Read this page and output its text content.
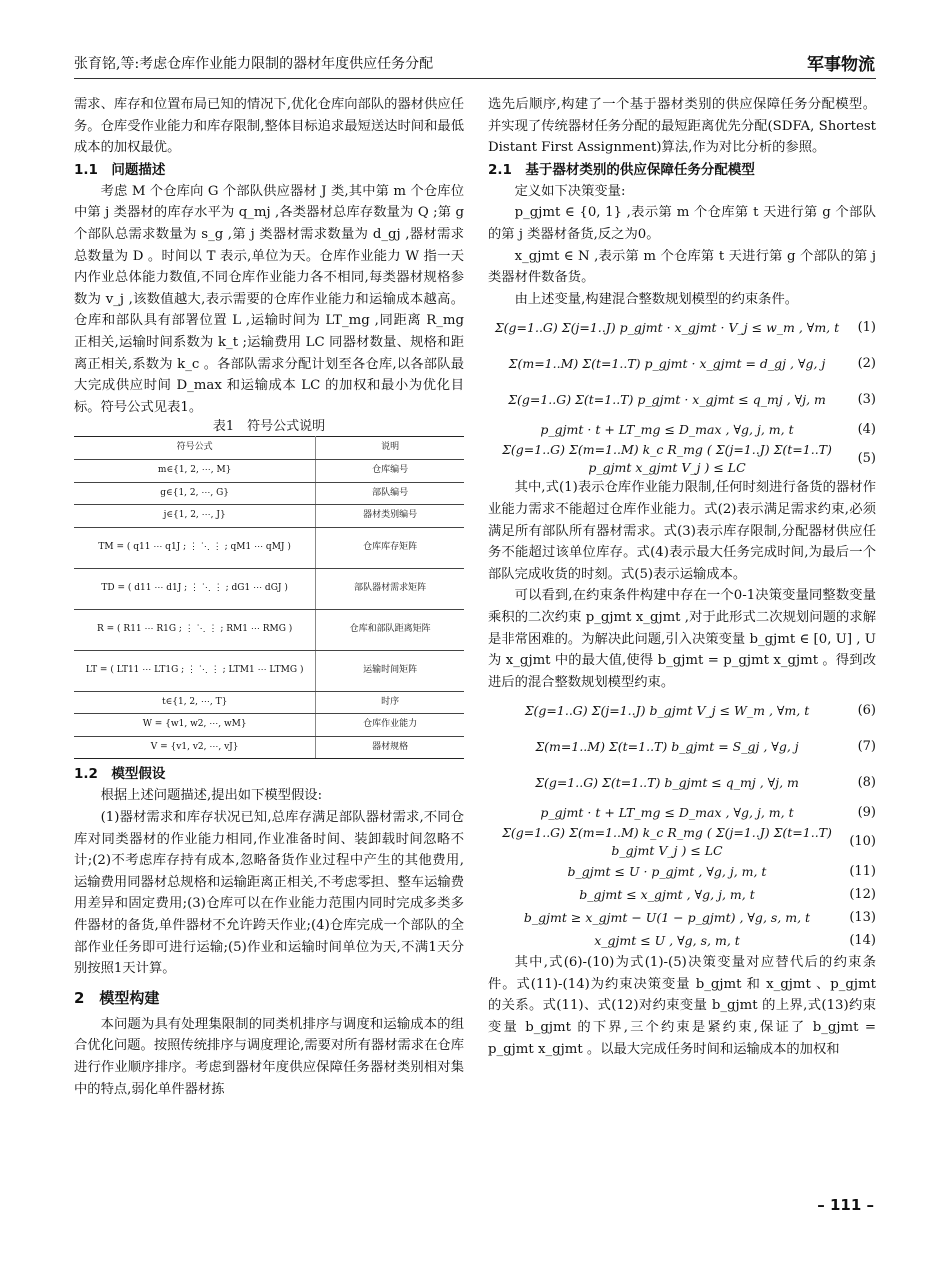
张育铭,等:考虑仓库作业能力限制的器材年度供应任务分配	军事物流

需求、库存和位置布局已知的情况下,优化仓库向部队的器材供应任务。仓库受作业能力和库存限制,整体目标追求最短送达时间和最低成本的加权最优。

1.1　问题描述

考虑 M 个仓库向 G 个部队供应器材 J 类,其中第 m 个仓库位中第 j 类器材的库存水平为 q_mj ,各类器材总库存数量为 Q ;第 g 个部队总需求数量为 s_g ,第 j 类器材需求数量为 d_gj ,器材需求总数量为 D 。时间以 T 表示,单位为天。仓库作业能力 W 指一天内作业总体能力数值,不同仓库作业能力各不相同,每类器材规格参数为 v_j ,该数值越大,表示需要的仓库作业能力和运输成本越高。仓库和部队具有部署位置 L ,运输时间为 LT_mg ,同距离 R_mg 正相关,运输时间系数为 k_t ;运输费用 LC 同器材数量、规格和距离正相关,系数为 k_c 。各部队需求分配计划至各仓库,以各部队最大完成供应时间 D_max 和运输成本 LC 的加权和最小为优化目标。符号公式见表1。

表1　符号公式说明
符号公式	说明
m∈{1, 2, ⋯, M}	仓库编号
g∈{1, 2, ⋯, G}	部队编号
j∈{1, 2, ⋯, J}	器材类别编号
TM = ( q11 ⋯ q1J ; ⋮ ⋱ ⋮ ; qM1 ⋯ qMJ )	仓库库存矩阵
TD = ( d11 ⋯ d1J ; ⋮ ⋱ ⋮ ; dG1 ⋯ dGJ )	部队器材需求矩阵
R = ( R11 ⋯ R1G ; ⋮ ⋱ ⋮ ; RM1 ⋯ RMG )	仓库和部队距离矩阵
LT = ( LT11 ⋯ LT1G ; ⋮ ⋱ ⋮ ; LTM1 ⋯ LTMG )	运输时间矩阵
t∈{1, 2, ⋯, T}	时序
W = {w1, w2, ⋯, wM}	仓库作业能力
V = {v1, v2, ⋯, vJ}	器材规格
1.2　模型假设

根据上述问题描述,提出如下模型假设:

(1)器材需求和库存状况已知,总库存满足部队器材需求,不同仓库对同类器材的作业能力相同,作业准备时间、装卸载时间忽略不计;(2)不考虑库存持有成本,忽略备货作业过程中产生的其他费用,运输费用同器材总规格和运输距离正相关,不考虑零担、整车运输费用差异和固定费用;(3)仓库可以在作业能力范围内同时完成多类多件器材的备货,单件器材不允许跨天作业;(4)仓库完成一个部队的全部作业任务即可进行运输;(5)作业和运输时间单位为天,不满1天分别按照1天计算。

2　模型构建

本问题为具有处理集限制的同类机排序与调度和运输成本的组合优化问题。按照传统排序与调度理论,需要对所有器材需求在仓库进行作业顺序排序。考虑到器材年度供应保障任务器材类别相对集中的特点,弱化单件器材拣

选先后顺序,构建了一个基于器材类别的供应保障任务分配模型。并实现了传统器材任务分配的最短距离优先分配(SDFA, Shortest Distant First Assignment)算法,作为对比分析的参照。

2.1　基于器材类别的供应保障任务分配模型

定义如下决策变量:

p_gjmt ∈ {0, 1} ,表示第 m 个仓库第 t 天进行第 g 个部队的第 j 类器材备货,反之为0。

x_gjmt ∈ N ,表示第 m 个仓库第 t 天进行第 g 个部队的第 j 类器材件数备货。

由上述变量,构建混合整数规划模型的约束条件。

Σ(g=1..G) Σ(j=1..J) p_gjmt · x_gjmt · V_j ≤ w_m , ∀m, t	(1)
Σ(m=1..M) Σ(t=1..T) p_gjmt · x_gjmt = d_gj , ∀g, j	(2)
Σ(g=1..G) Σ(t=1..T) p_gjmt · x_gjmt ≤ q_mj , ∀j, m	(3)
p_gjmt · t + LT_mg ≤ D_max , ∀g, j, m, t	(4)
Σ(g=1..G) Σ(m=1..M) k_c R_mg ( Σ(j=1..J) Σ(t=1..T) p_gjmt x_gjmt V_j ) ≤ LC
(5)

其中,式(1)表示仓库作业能力限制,任何时刻进行备货的器材作业能力需求不能超过仓库作业能力。式(2)表示满足需求约束,必须满足所有部队所有器材需求。式(3)表示库存限制,分配器材供应任务不能超过该单位库存。式(4)表示最大任务完成时间,为最后一个部队完成收货的时刻。式(5)表示运输成本。

可以看到,在约束条件构建中存在一个0-1决策变量同整数变量乘积的二次约束 p_gjmt x_gjmt ,对于此形式二次规划问题的求解是非常困难的。为解决此问题,引入决策变量 b_gjmt ∈ [0, U] , U 为 x_gjmt 中的最大值,使得 b_gjmt = p_gjmt x_gjmt 。得到改进后的混合整数规划模型约束。

Σ(g=1..G) Σ(j=1..J) b_gjmt V_j ≤ W_m , ∀m, t	(6)
Σ(m=1..M) Σ(t=1..T) b_gjmt = S_gj , ∀g, j	(7)
Σ(g=1..G) Σ(t=1..T) b_gjmt ≤ q_mj , ∀j, m	(8)
p_gjmt · t + LT_mg ≤ D_max , ∀g, j, m, t	(9)
Σ(g=1..G) Σ(m=1..M) k_c R_mg ( Σ(j=1..J) Σ(t=1..T) b_gjmt V_j ) ≤ LC
(10)
b_gjmt ≤ U · p_gjmt , ∀g, j, m, t	(11)
b_gjmt ≤ x_gjmt , ∀g, j, m, t	(12)
b_gjmt ≥ x_gjmt − U(1 − p_gjmt) , ∀g, s, m, t	(13)
x_gjmt ≤ U , ∀g, s, m, t	(14)

其中,式(6)-(10)为式(1)-(5)决策变量对应替代后的约束条件。式(11)-(14)为约束决策变量 b_gjmt 和 x_gjmt 、p_gjmt 的关系。式(11)、式(12)对约束变量 b_gjmt 的上界,式(13)约束变量 b_gjmt 的下界,三个约束是紧约束,保证了 b_gjmt = p_gjmt x_gjmt 。以最大完成任务时间和运输成本的加权和

– 111 –
